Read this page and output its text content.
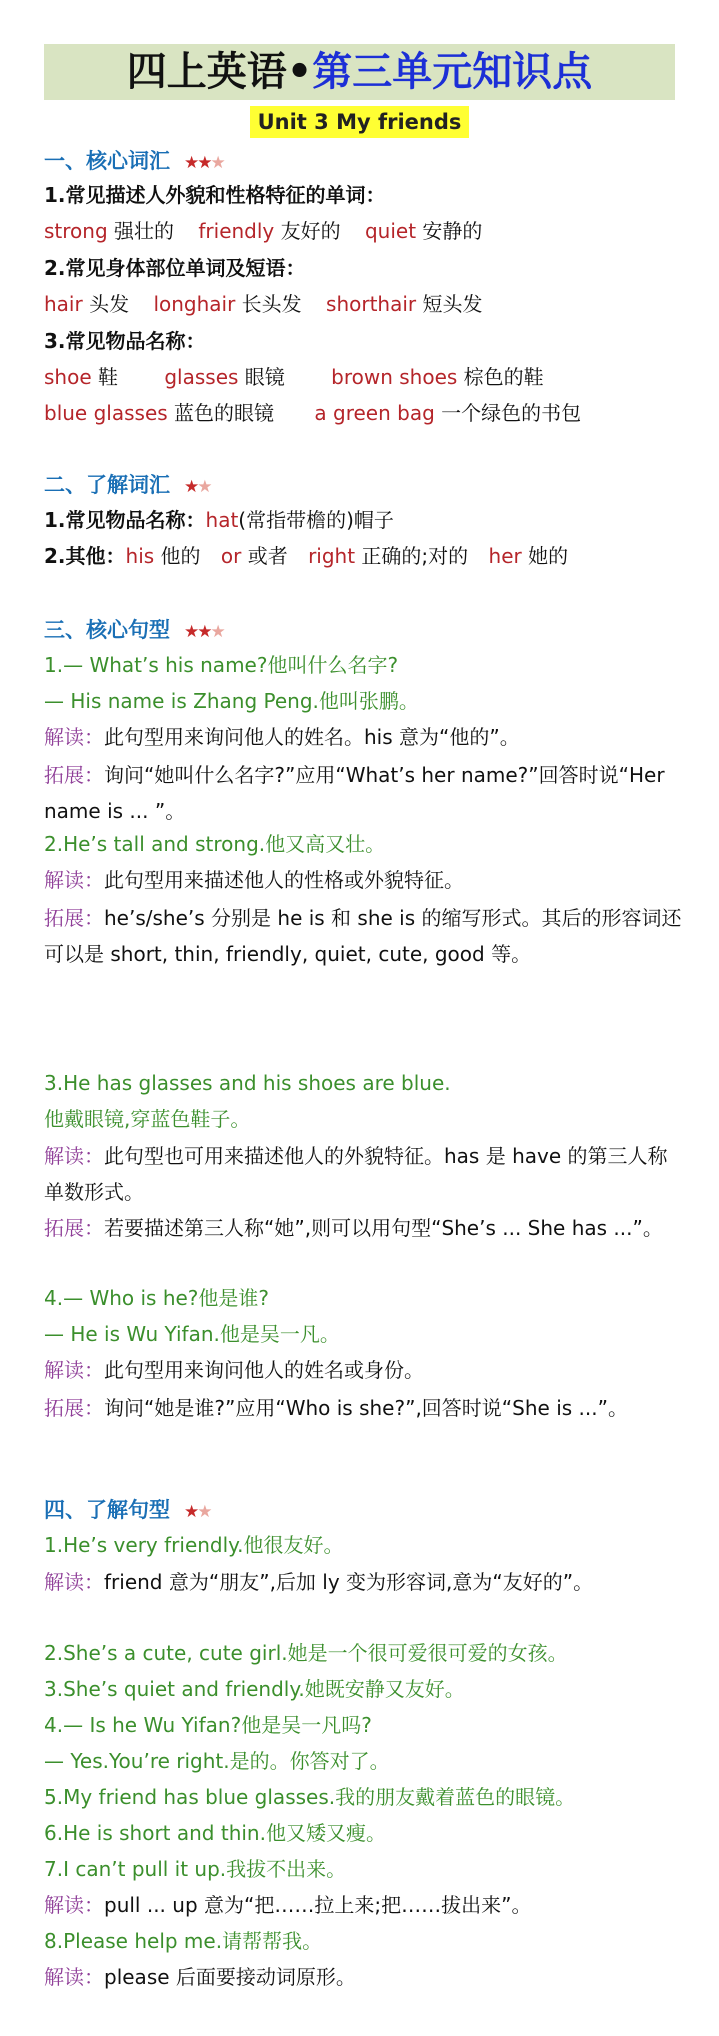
四上英语•第三单元知识点
Unit 3 My friends
一、核心词汇 ★★★
1.常见描述人外貌和性格特征的单词：
strong 强壮的 friendly 友好的 quiet 安静的
2.常见身体部位单词及短语：
hair 头发 longhair 长头发 shorthair 短头发
3.常见物品名称：
shoe 鞋 glasses 眼镜 brown shoes 棕色的鞋
blue glasses 蓝色的眼镜 a green bag 一个绿色的书包
二、了解词汇 ★★
1.常见物品名称：hat(常指带檐的)帽子
2.其他：his 他的 or 或者 right 正确的;对的 her 她的
三、核心句型 ★★★
1.— What’s his name?他叫什么名字?
— His name is Zhang Peng.他叫张鹏。
解读：此句型用来询问他人的姓名。his 意为“他的”。
拓展：询问“她叫什么名字?”应用“What’s her name?”回答时说“Her name is ... ”。
2.He’s tall and strong.他又高又壮。
解读：此句型用来描述他人的性格或外貌特征。
拓展：he’s/she’s 分别是 he is 和 she is 的缩写形式。其后的形容词还可以是 short, thin, friendly, quiet, cute, good 等。
3.He has glasses and his shoes are blue.
他戴眼镜,穿蓝色鞋子。
解读：此句型也可用来描述他人的外貌特征。has 是 have 的第三人称单数形式。
拓展：若要描述第三人称“她”,则可以用句型“She’s ... She has ...”。
4.— Who is he?他是谁?
— He is Wu Yifan.他是吴一凡。
解读：此句型用来询问他人的姓名或身份。
拓展：询问“她是谁?”应用“Who is she?”,回答时说“She is ...”。
四、了解句型 ★★
1.He’s very friendly.他很友好。
解读：friend 意为“朋友”,后加 ly 变为形容词,意为“友好的”。
2.She’s a cute, cute girl.她是一个很可爱很可爱的女孩。
3.She’s quiet and friendly.她既安静又友好。
4.— Is he Wu Yifan?他是吴一凡吗?
— Yes.You’re right.是的。你答对了。
5.My friend has blue glasses.我的朋友戴着蓝色的眼镜。
6.He is short and thin.他又矮又瘦。
7.I can’t pull it up.我拔不出来。
解读：pull ... up 意为“把……拉上来;把……拔出来”。
8.Please help me.请帮帮我。
解读：please 后面要接动词原形。
